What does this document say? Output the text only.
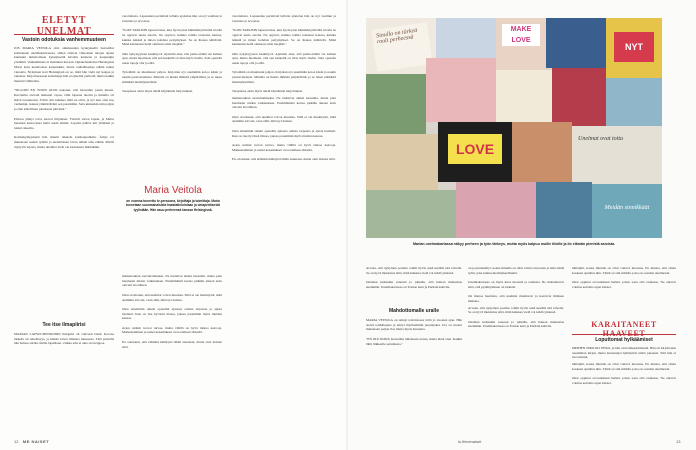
ELETYT UNELMAT
Vastoin odotuksia vanhemmuuteen

JOS MARIA VEITOLA olisi aikuisuuden kynnyksellä haaveillut kolmannen unelmakarttaansa, siihen olisivat valkoisten talojen sijaan kuulunut nimenomaan kynnyksellä kuvattu kauneus ja kaupungin yöelämä. Vanhemmuus ei mahtunut kuvaan. Opiskeluaikoina Helsingissä Maria koki kuuluvansa kaupunkiin, mutta rauhallisempi elämä tuntui vieraalta. Nykyinen koti Helsingissä on se, mitä hän vielä nyt kaipaa ja rakastaa. Kirjoittaessaan kolumneja hän ei ajatellut perhettä, mutta kaikki muuttui vähitellen.

"SILLOIN EN TOSIN OLISI uskonut, että haaveilen jotain muuta. Kuvittelin olevani ikuisesti vapaa. Olin lapsena nuorin ja minulla oli ikävä isosiskoani. Yritin olla kaikkea mitä en ollut, ja nyt kun olen itse vanhempi, tunnen ymmärtäväni sen paremmin. Sain kuitenkin niin paljon ja olen kiitollinen jokaisesta päivästä."

Piiloon jäänyt toive kasvoi hiljalleen. Ystävät saivat lapsia, ja Maria huomasi katsovansa heitä uusin silmin. Lopulta päätös tuli yllättäen ja tuntui oikealta.

Kolmekymppisenä hän muutti takaisin kotikaupunkiin. Äitiys toi mukanaan uuden rytmin ja uudenlaisen tavan nähdä oma elämä. Päivät täyttyvät arjesta, mutta unelmat eivät ole kadonneet mihinkään.

Tee itse ilmapiirisi

MARIAN LAPSUUDENKODIN ilmapiiri oli vahvasti läsnä. Kotona tärkeää oli rehellisyys, ja kaikki saivat ilmaista tunteensa. Tätä perintöä hän haluaa siirtää omille lapsilleen, vaikka arki ei aina ole helppoa.

varottelusta. Lapsuuden perintönä tullutta ajattelua hän on nyt vaalinut ja toteuttaa ja arvostaa.

"ILON TAPAISIN lapseni tulee, kun hyvin pian hämmästyttävällä tavalla ne oppivat uusia asioita. Ne oppivat, kuinka toimia toistensa kanssa, kuinka leikkiä ja miten kohdata pettymykset. Se on ihanaa nähtävää. Minä kannustan heitä olemaan omia itsejään."

Olin nykyisyyteen keskittyvä. Ajattelin aina, että perhe-elämä vie kaiken ajan, mutta huomaan, että sen keskellä on tilaa myös itselle. Sain opetella uusia tapoja olla ja elää.

Työelämä on muuttunut paljon. Kirjoitan nyt enemmän kotoa käsin ja nautin joustavuudesta. Minulla on ihania ihmisiä ympärilläni, ja se tekee elämästä merkityksellistä.

Terapiassa aloin myös tehdä käytännön harjoituksia.

Maria Veitola
on vuonna tunnettu tv-persoona, kirjoittaja ja toimittaja. Maria tunnetaan suorasanaisista haastatteluistaan ja omaperäisestä tyylistään. Hän asuu perheensä kanssa Helsingissä.

mielenrauhan saavuttamiseksi. Ne tuntuivat aluksi hassuilta, mutta pian huomasin niiden vaikutuksen. Ensimmäistä kertaa pitkään aikaan koin olevani levollinen.

Olen oivaltanut, että unelmat voivat muuttua. Sillä ei ole merkitystä, mitä aiemmin toivoin, vaan sillä, mitä nyt haluan.

Olen sittemmin oikein opetellut ajatusta omista tarpeista ja ajasta itselleni. Kun on itse hyvässä tilassa, jaksaa paremmin myös muiden kanssa.

Arjen rutiinit tuovat turvaa, mutta välillä on hyvä rikkoa kaavoja. Matkustaminen ja uudet kokemukset ovat edelleen tärkeitä.

En odottanut, että elämäni kääntyisi tähän suuntaan, mutta olen iloinen siitä.

varottelusta. Lapsuuden perintönä tullutta ajattelua hän on nyt vaalinut ja toteuttaa ja arvostaa.

"ILON TAPAISIN lapseni tulee, kun hyvin pian hämmästyttävällä tavalla ne oppivat uusia asioita. Ne oppivat, kuinka toimia toistensa kanssa, kuinka leikkiä ja miten kohdata pettymykset. Se on ihanaa nähtävää. Minä kannustan heitä olemaan omia itsejään."

Olin nykyisyyteen keskittyvä. Ajattelin aina, että perhe-elämä vie kaiken ajan, mutta huomaan, että sen keskellä on tilaa myös itselle. Sain opetella uusia tapoja olla ja elää.

Työelämä on muuttunut paljon. Kirjoitan nyt enemmän kotoa käsin ja nautin joustavuudesta. Minulla on ihania ihmisiä ympärilläni, ja se tekee elämästä merkityksellistä.

Terapiassa aloin myös tehdä käytännön harjoituksia.

mielenrauhan saavuttamiseksi. Ne tuntuivat aluksi hassuilta, mutta pian huomasin niiden vaikutuksen. Ensimmäistä kertaa pitkään aikaan koin olevani levollinen.

Olen oivaltanut, että unelmat voivat muuttua. Sillä ei ole merkitystä, mitä aiemmin toivoin, vaan sillä, mitä nyt haluan.

Olen sittemmin oikein opetellut ajatusta omista tarpeista ja ajasta itselleni. Kun on itse hyvässä tilassa, jaksaa paremmin myös muiden kanssa.

Arjen rutiinit tuovat turvaa, mutta välillä on hyvä rikkoa kaavoja. Matkustaminen ja uudet kokemukset ovat edelleen tärkeitä.

En odottanut, että elämäni kääntyisi tähän suuntaan, mutta olen iloinen siitä.

12 ME NAISET
Sinulla on tärkeä rooli perheessä
MAKE LOVE
NYT
LOVE
Unelmat ovat totta
Meidän sinnikkäät
Marian unelmakartassa näkyy perheen ja työn tärkeys, mutta myös kaipuu muille tiloille ja ilo elämän pienistä asioista.

Arvaan, että nykyinen postitie toimii hyvin sekä kesällä että talvella. Se on hyvä muistutus siitä, mitä kaikkea vielä voi tehdä yhdessä.

Olenhan kuitenkin sanonut jo pitkään, että haluan matkustaa enemmän. Unelmakartassa on Tokion katu ja Pariisin kahvila.

Mahdottomalle uralle

MARIA VEITOLA on tehnyt televisiossa töitä jo vuosien ajan. Hän aloitti toimittajana ja siirtyi myöhemmin juontajaksi. Ura on tuonut mukanaan paljon iloa mutta myös haasteita.

"EN OLE IKINÄ haaveillut tällaisesta urasta, mutta tässä olen. Kaikki lähti liikkeelle sattumasta."

on ja pinnistellyt, koska minulla on ollut valtava innostus ja halu tehdä työtä, joka tuntuu merkitykselliseltä.

Unelmakartassa on myös kuva merestä ja rauhasta. Ne muistuttavat siitä, että pysähtyminen on tärkeää.

On hienoa huomata, että unelmat muuttuvat ja kasvavat ihmisen mukana.

Arvaan, että nykyinen postitie toimii hyvin sekä kesällä että talvella. Se on hyvä muistutus siitä, mitä kaikkea vielä voi tehdä yhdessä.

Olenhan kuitenkin sanonut jo pitkään, että haluan matkustaa enemmän. Unelmakartassa on Tokion katu ja Pariisin kahvila.

lähtöjäni, koska minulla on ollut valtava innostus. En muista, että olisin koskaan ajatellut niin. Tämä on sitä elämää, josta en osannut unelmoida.

Olen oppinut arvostamaan hetkiä, joissa saan olla rauhassa. Ne antavat voimaa kohdata arjen kiireet.

KARAITANEET HAAVEET
Loputtomat hylkäämiset

MEIHEN NIMI OLI EERO, ja hän oli kolmekymmentä. Hän oli kirjoittanut useamman kirjan, mutta kustantajat hylkäsivät niistä jokaisen. Silti hän ei luovuttanut.

lähtöjäni, koska minulla on ollut valtava innostus. En muista, että olisin koskaan ajatellut niin. Tämä on sitä elämää, josta en osannut unelmoida.

Olen oppinut arvostamaan hetkiä, joissa saan olla rauhassa. Ne antavat voimaa kohdata arjen kiireet.

is.fi/menaiset	13
